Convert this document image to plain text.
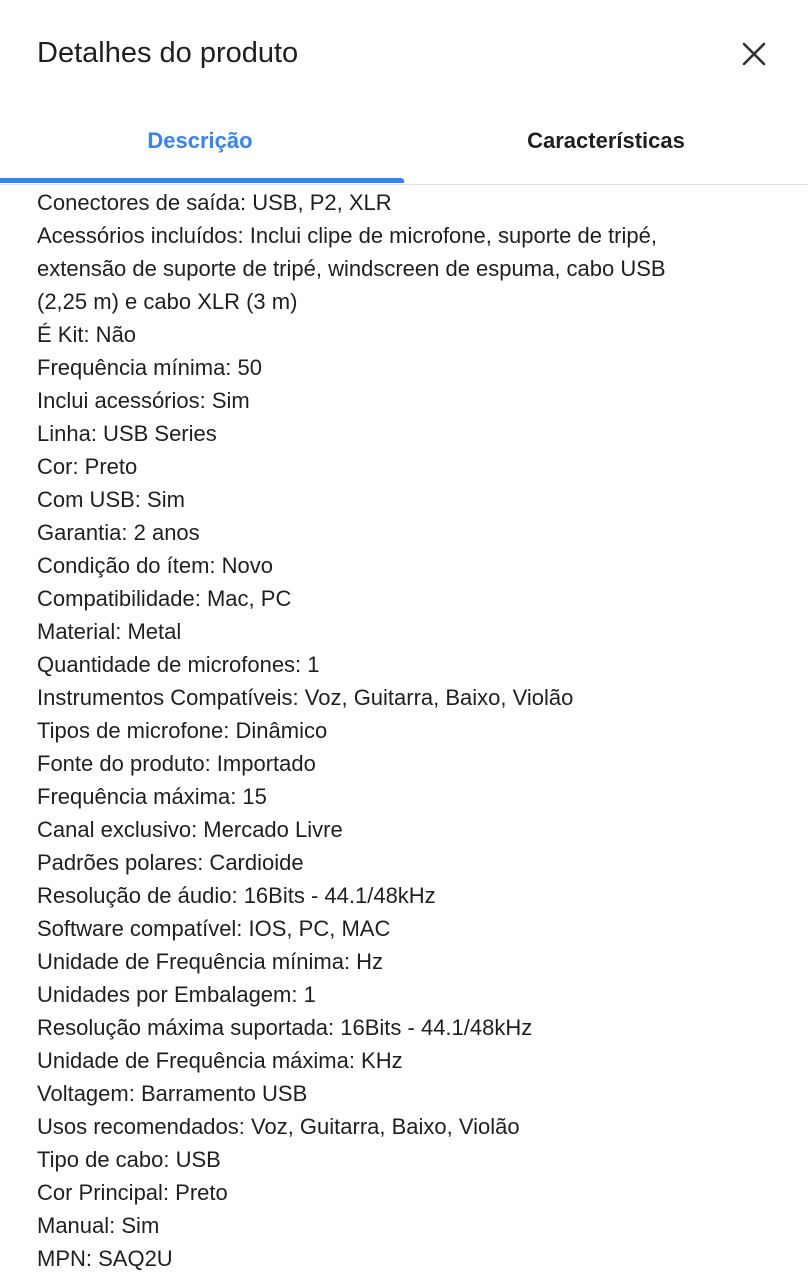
Detalhes do produto
Descrição	Características
Conectores de saída: USB, P2, XLR
Acessórios incluídos: Inclui clipe de microfone, suporte de tripé,
extensão de suporte de tripé, windscreen de espuma, cabo USB
(2,25 m) e cabo XLR (3 m)
É Kit: Não
Frequência mínima: 50
Inclui acessórios: Sim
Linha: USB Series
Cor: Preto
Com USB: Sim
Garantia: 2 anos
Condição do ítem: Novo
Compatibilidade: Mac, PC
Material: Metal
Quantidade de microfones: 1
Instrumentos Compatíveis: Voz, Guitarra, Baixo, Violão
Tipos de microfone: Dinâmico
Fonte do produto: Importado
Frequência máxima: 15
Canal exclusivo: Mercado Livre
Padrões polares: Cardioide
Resolução de áudio: 16Bits - 44.1/48kHz
Software compatível: IOS, PC, MAC
Unidade de Frequência mínima: Hz
Unidades por Embalagem: 1
Resolução máxima suportada: 16Bits - 44.1/48kHz
Unidade de Frequência máxima: KHz
Voltagem: Barramento USB
Usos recomendados: Voz, Guitarra, Baixo, Violão
Tipo de cabo: USB
Cor Principal: Preto
Manual: Sim
MPN: SAQ2U
